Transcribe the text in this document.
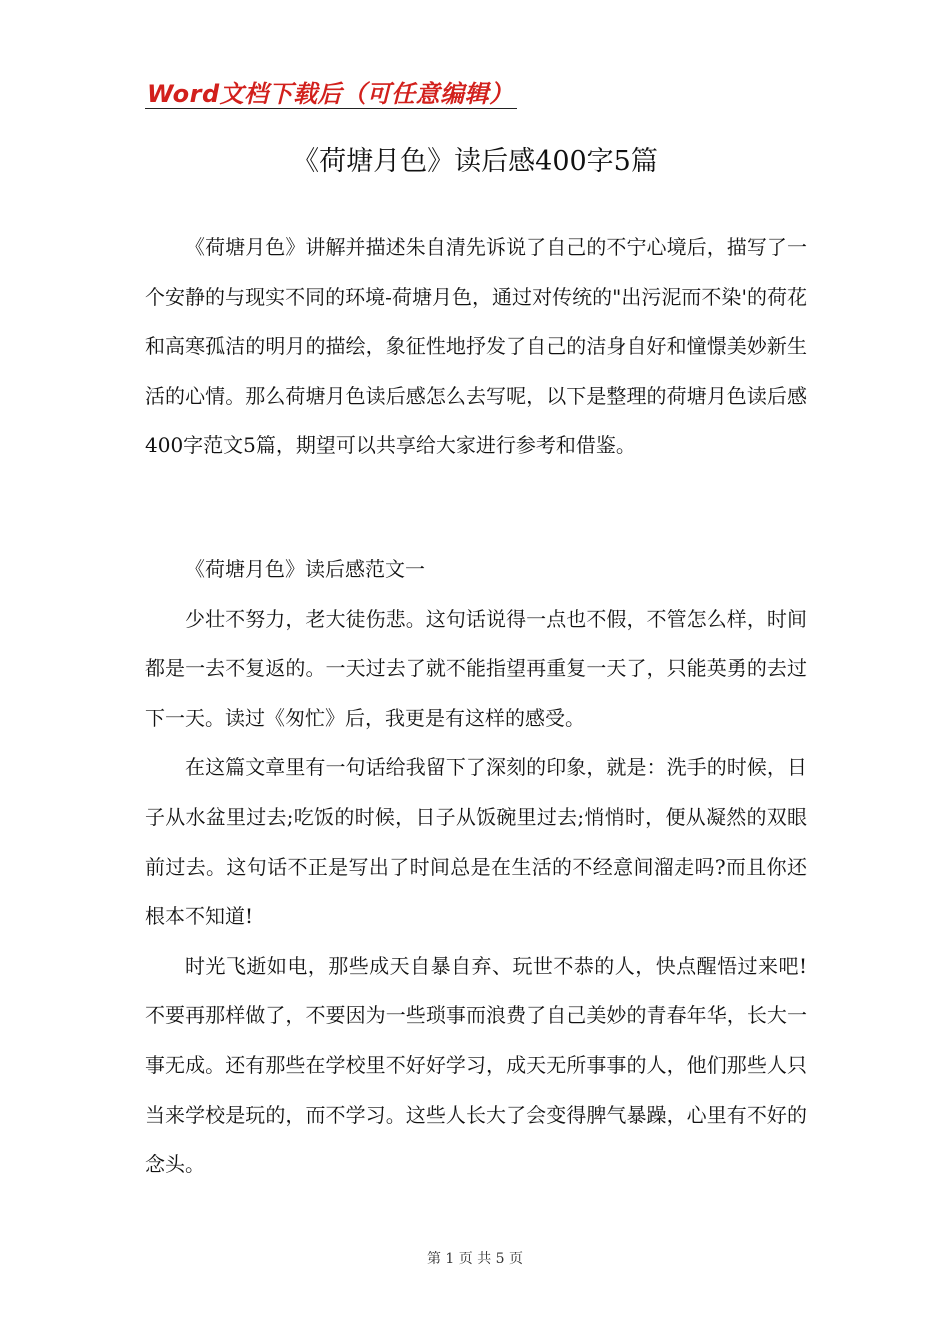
Word文档下载后（可任意编辑）
《荷塘月色》读后感400字5篇

《荷塘月色》讲解并描述朱自清先诉说了自己的不宁心境后，描写了一个安静的与现实不同的环境-荷塘月色，通过对传统的"出污泥而不染'的荷花和高寒孤洁的明月的描绘，象征性地抒发了自己的洁身自好和憧憬美妙新生活的心情。那么荷塘月色读后感怎么去写呢，以下是整理的荷塘月色读后感400字范文5篇，期望可以共享给大家进行参考和借鉴。

《荷塘月色》读后感范文一

少壮不努力，老大徒伤悲。这句话说得一点也不假，不管怎么样，时间都是一去不复返的。一天过去了就不能指望再重复一天了，只能英勇的去过下一天。读过《匆忙》后，我更是有这样的感受。

在这篇文章里有一句话给我留下了深刻的印象，就是：洗手的时候，日子从水盆里过去;吃饭的时候，日子从饭碗里过去;悄悄时，便从凝然的双眼前过去。这句话不正是写出了时间总是在生活的不经意间溜走吗?而且你还根本不知道!

时光飞逝如电，那些成天自暴自弃、玩世不恭的人，快点醒悟过来吧!不要再那样做了，不要因为一些琐事而浪费了自己美妙的青春年华，长大一事无成。还有那些在学校里不好好学习，成天无所事事的人，他们那些人只当来学校是玩的，而不学习。这些人长大了会变得脾气暴躁，心里有不好的念头。

第 1 页 共 5 页
